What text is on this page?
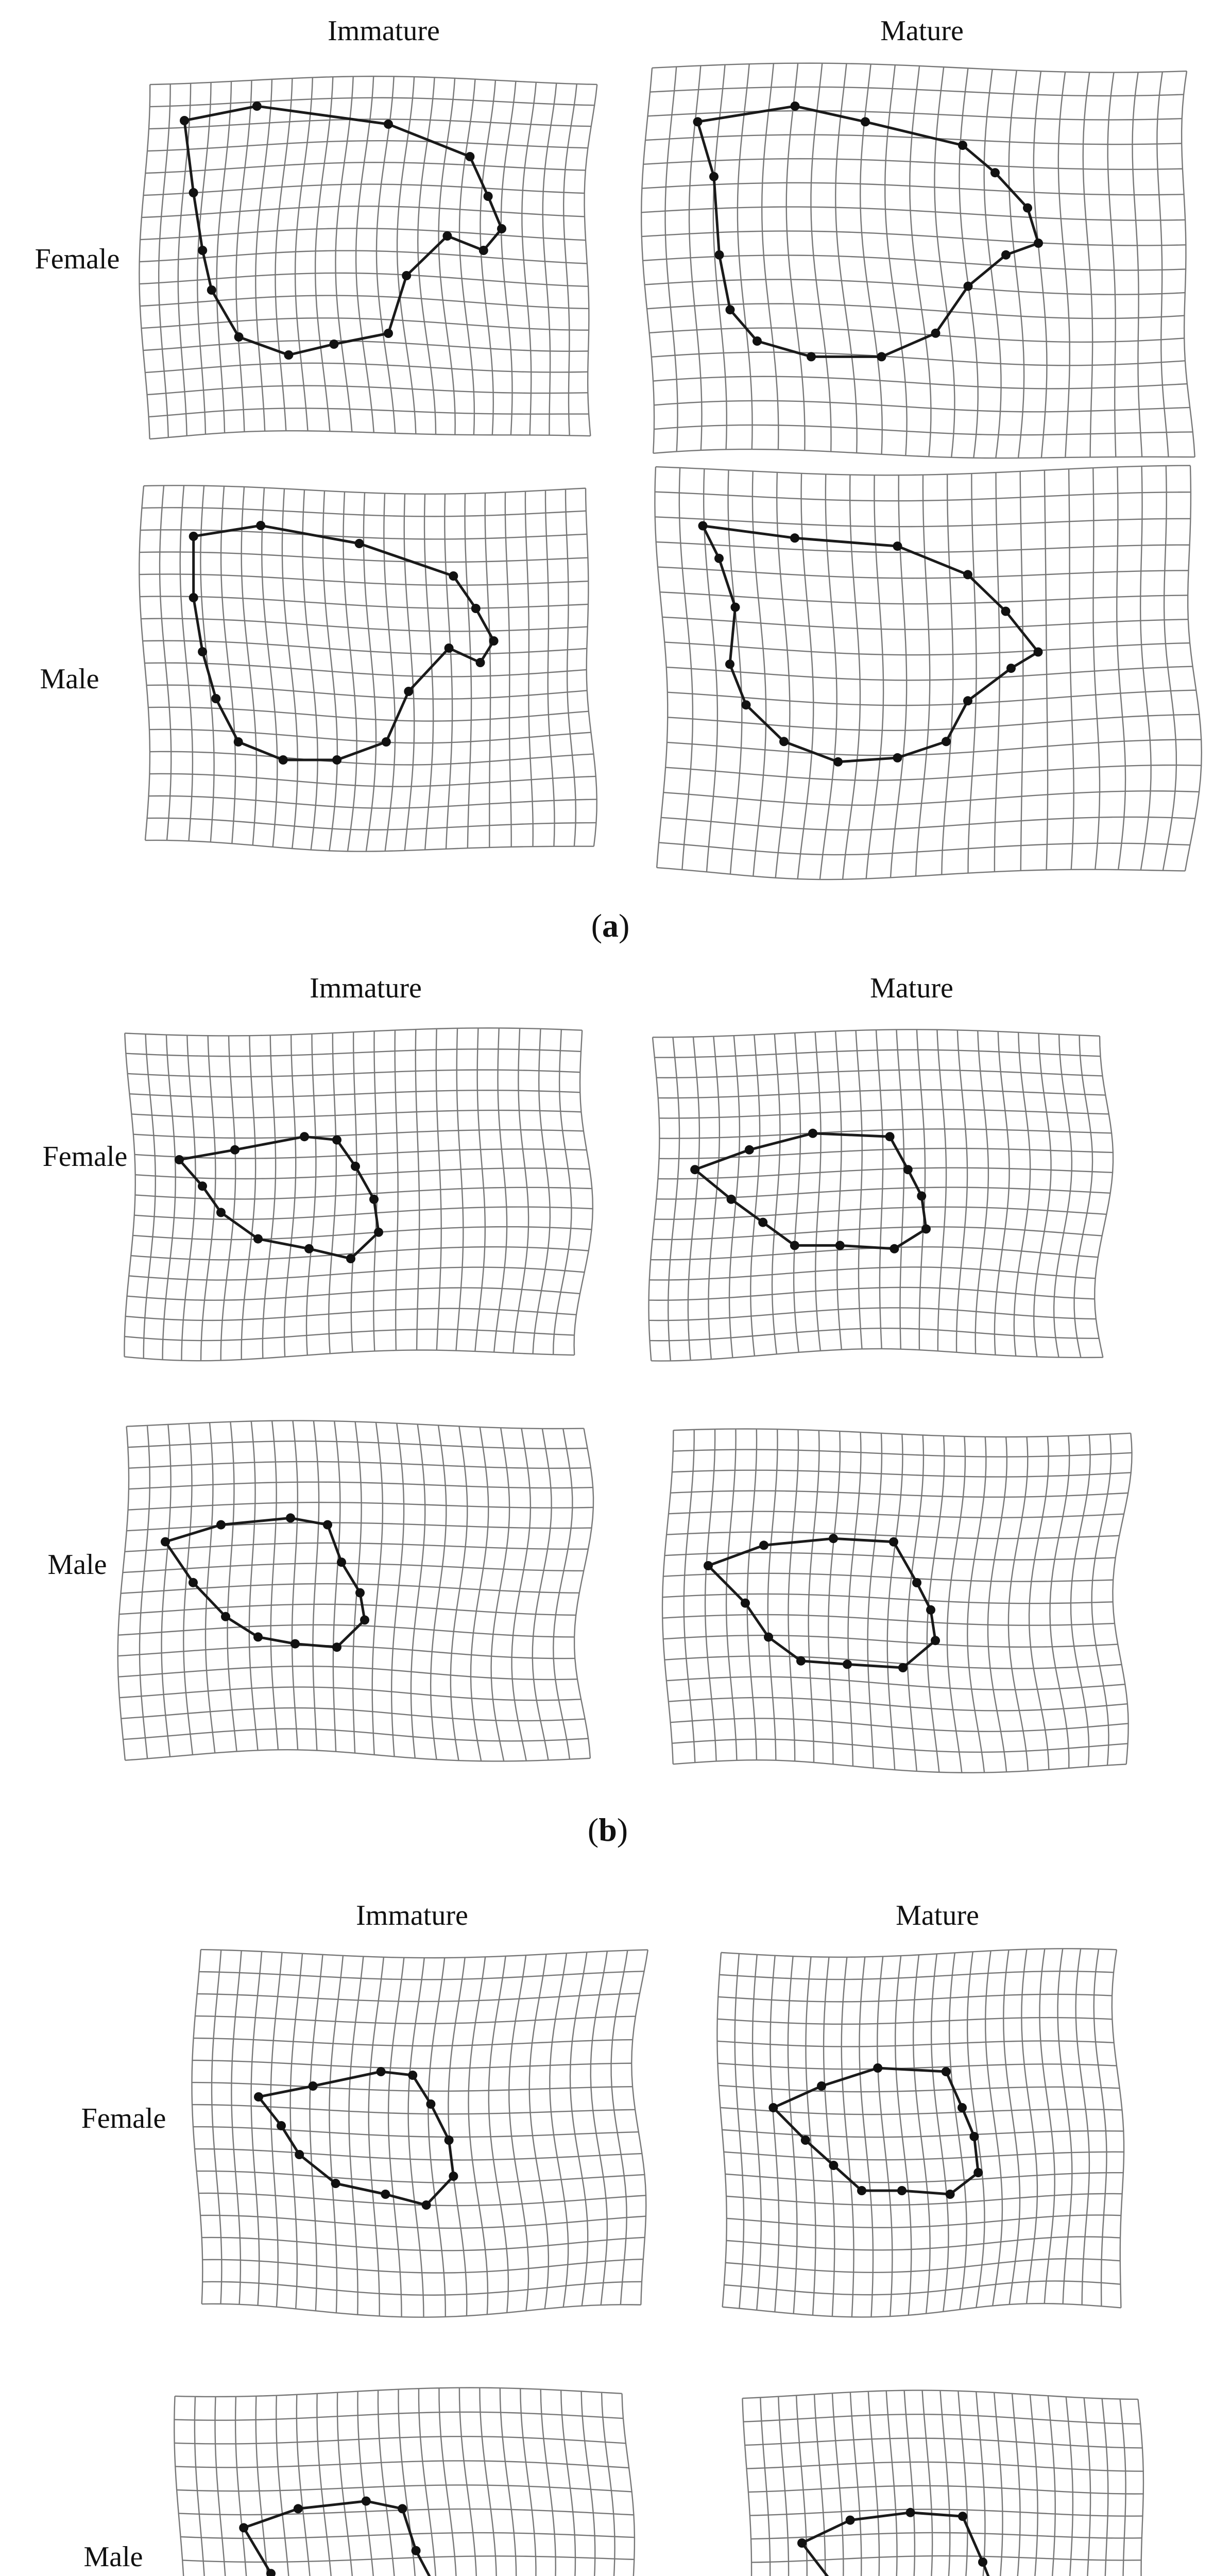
Immature	Mature
Female
Male
(a)
Immature	Mature
Female
Male
(b)
Immature	Mature
Female
Male
